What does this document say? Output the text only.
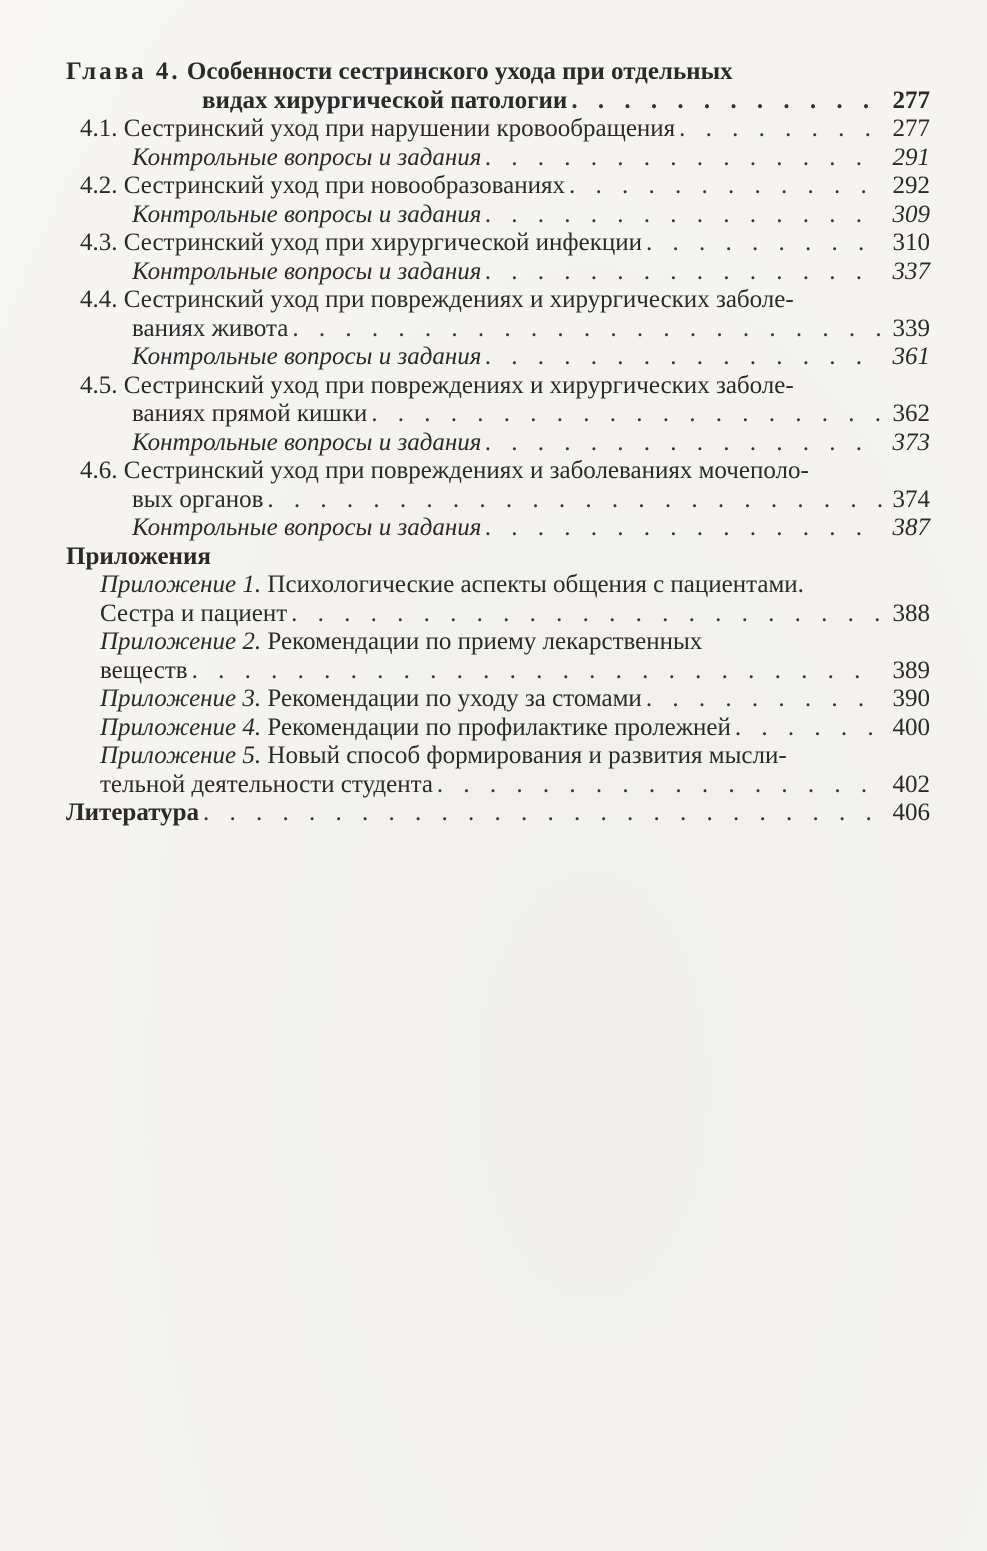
Глава 4. Особенности сестринского ухода при отдельных
видах хирургической патологии . . .	277
4.1. Сестринский уход при нарушении кровообращения . . .	277
Контрольные вопросы и задания . . .	291
4.2. Сестринский уход при новообразованиях . . .	292
Контрольные вопросы и задания . . .	309
4.3. Сестринский уход при хирургической инфекции . . .	310
Контрольные вопросы и задания . . .	337
4.4. Сестринский уход при повреждениях и хирургических заболе-
ваниях живота . . .	339
Контрольные вопросы и задания . . .	361
4.5. Сестринский уход при повреждениях и хирургических заболе-
ваниях прямой кишки . . .	362
Контрольные вопросы и задания . . .	373
4.6. Сестринский уход при повреждениях и заболеваниях мочеполо-
вых органов . . .	374
Контрольные вопросы и задания . . .	387
Приложения
Приложение 1. Психологические аспекты общения с пациентами.
Сестра и пациент . . .	388
Приложение 2. Рекомендации по приему лекарственных
веществ . . .	389
Приложение 3. Рекомендации по уходу за стомами . . .	390
Приложение 4. Рекомендации по профилактике пролежней . . .	400
Приложение 5. Новый способ формирования и развития мысли-
тельной деятельности студента . . .	402
Литература . . .	406
